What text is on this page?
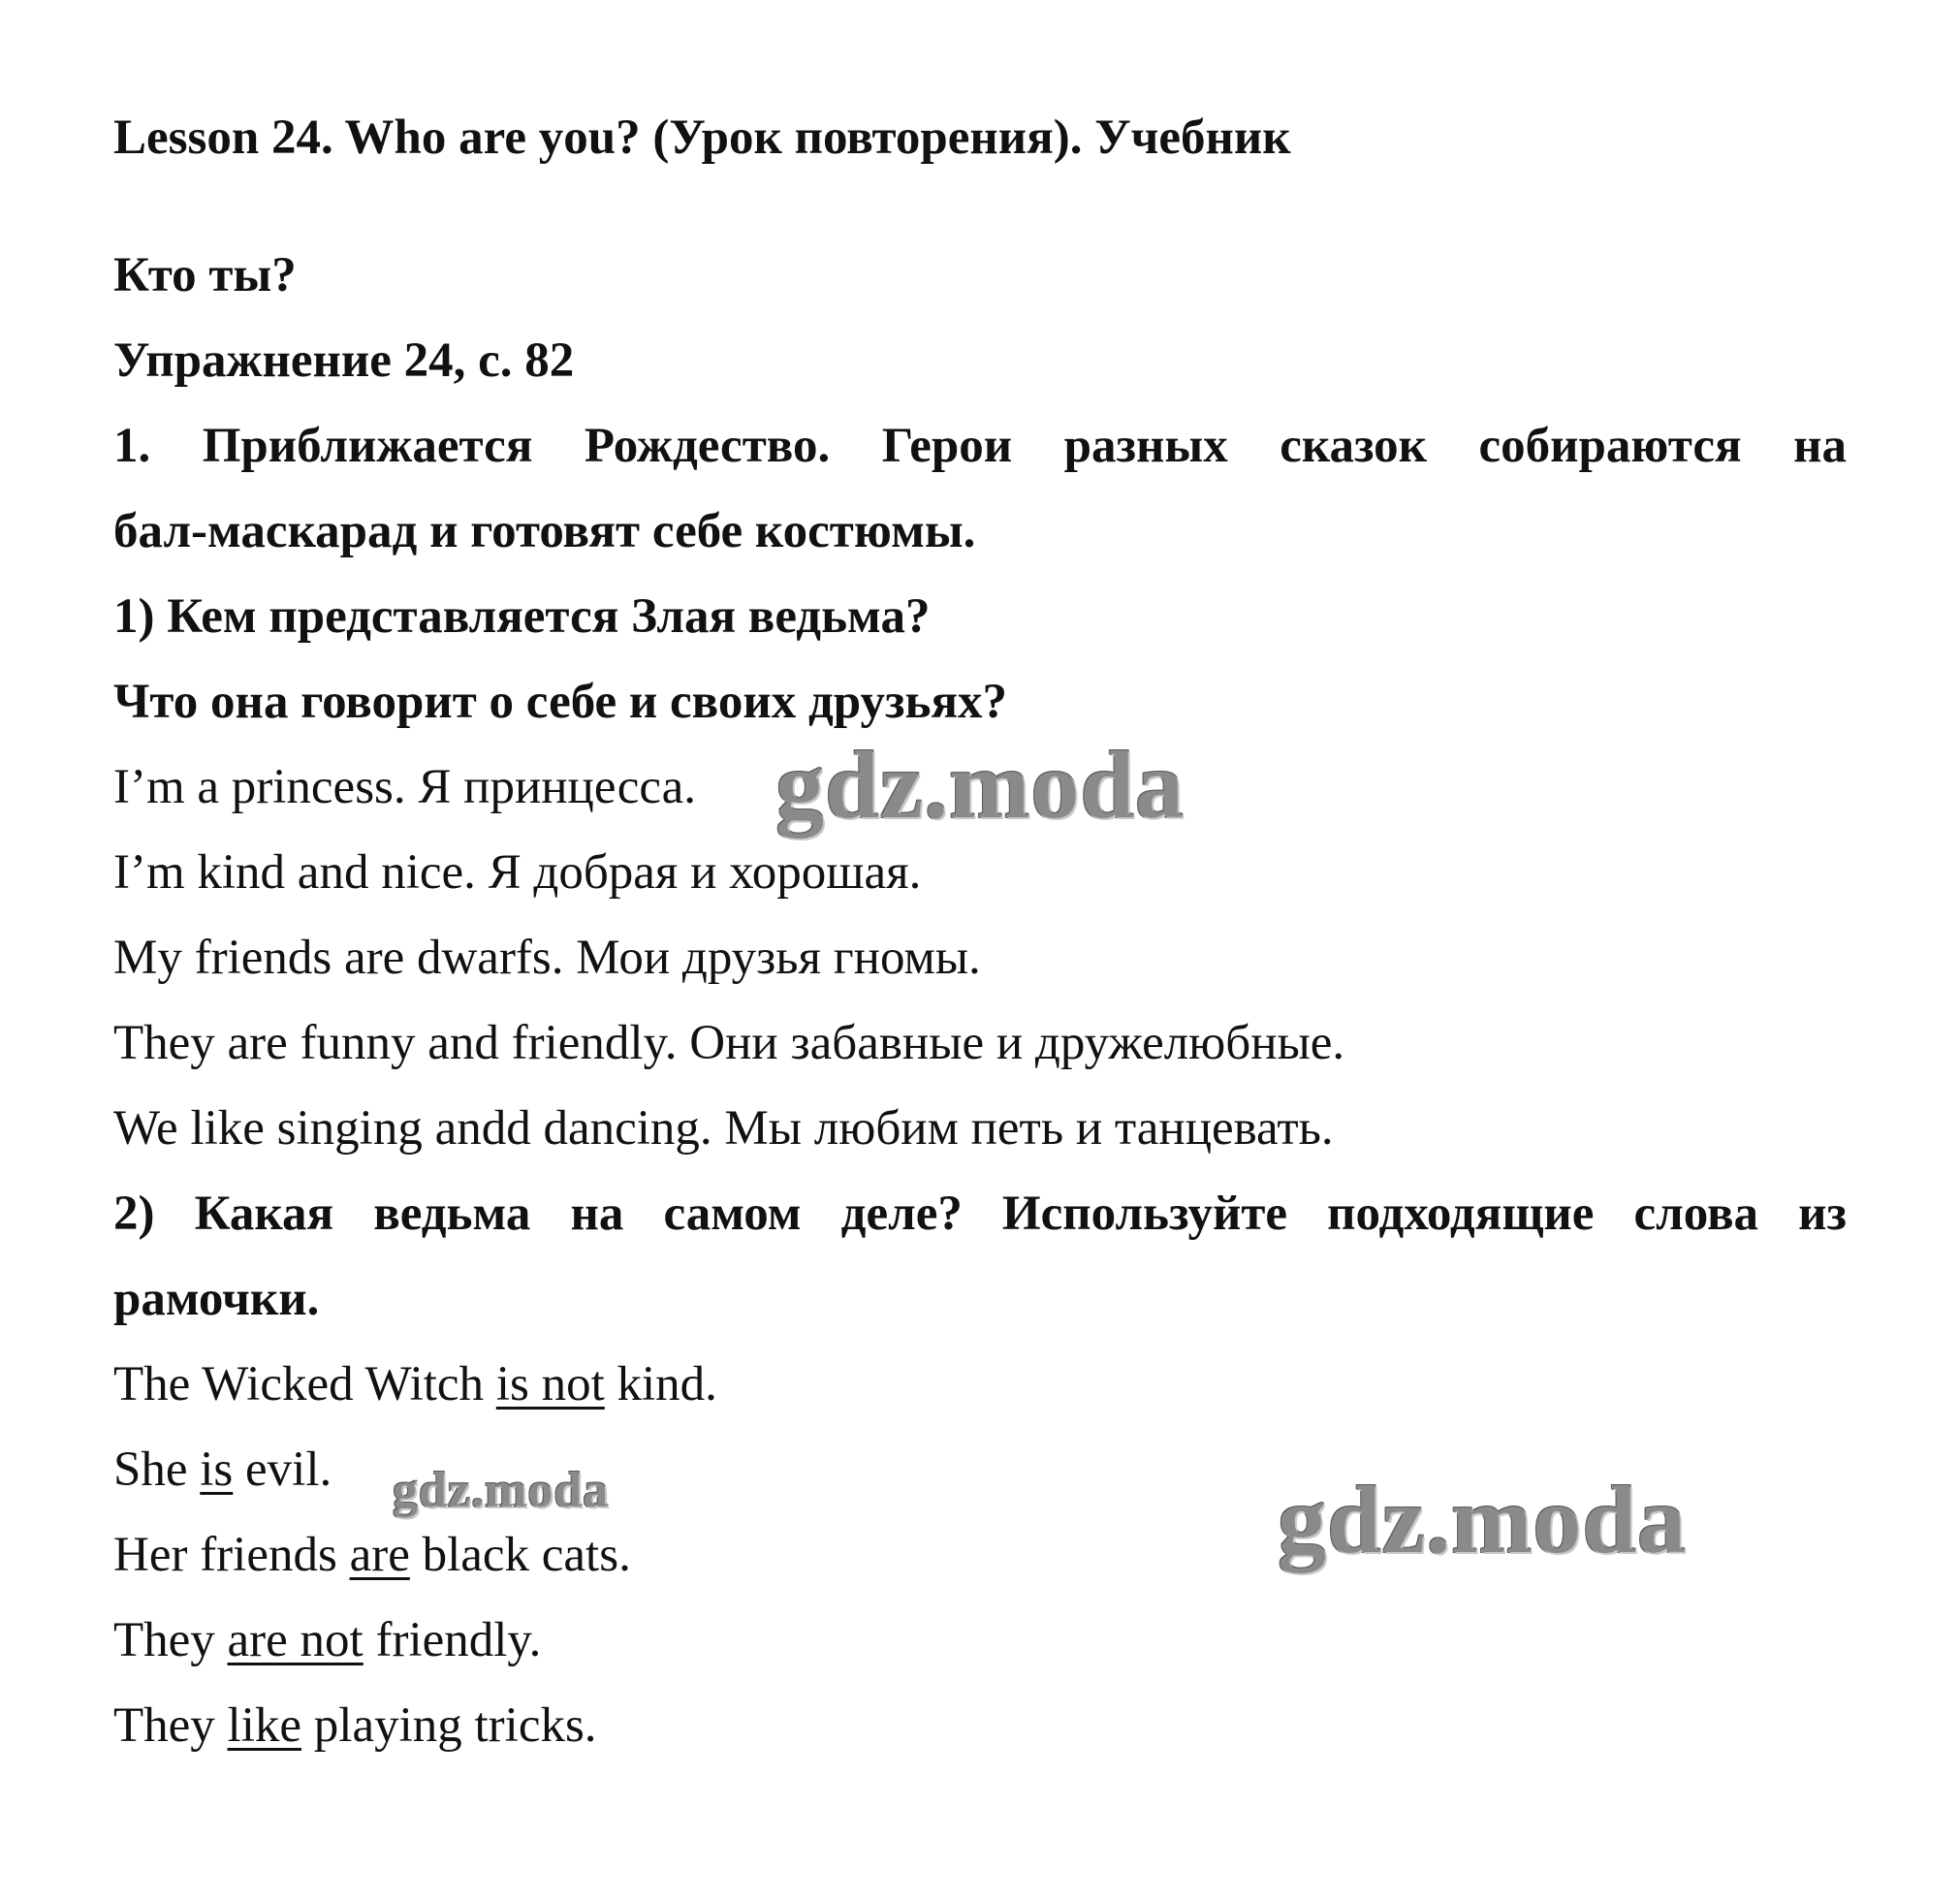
Lesson 24. Who are you? (Урок повторения). Учебник
Кто ты?
Упражнение 24, с. 82
1. Приближается Рождество. Герои разных сказок собираются на
бал-маскарад и готовят себе костюмы.
1) Кем представляется Злая ведьма?
Что она говорит о себе и своих друзьях?
I’m a princess. Я принцесса.
I’m kind and nice. Я добрая и хорошая.
My friends are dwarfs. Мои друзья гномы.
They are funny and friendly. Они забавные и дружелюбные.
We like singing andd dancing. Мы любим петь и танцевать.
2) Какая ведьма на самом деле? Используйте подходящие слова из
рамочки.
The Wicked Witch is not kind.
She is evil.
Her friends are black cats.
They are not friendly.
They like playing tricks.
gdz.moda
gdz.moda	gdz.moda
